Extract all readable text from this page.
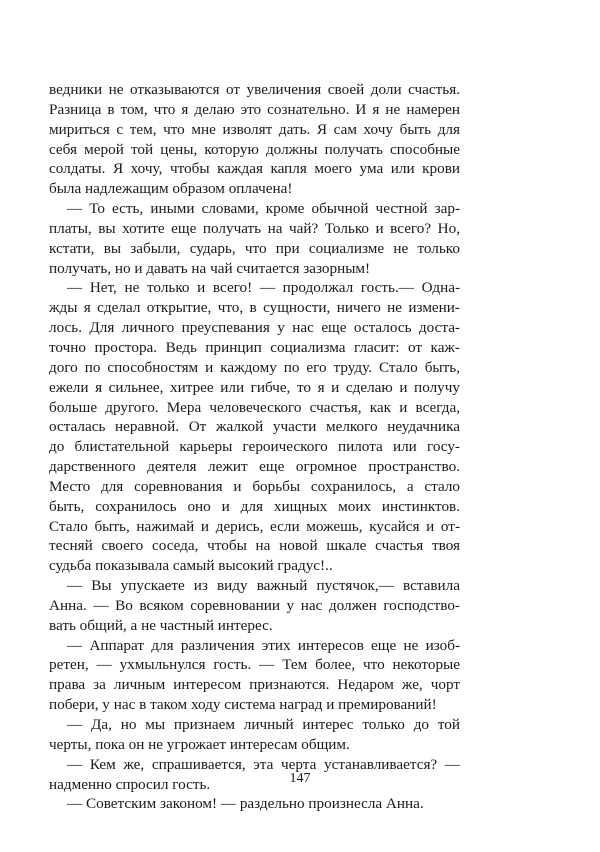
ведники не отказываются от увеличения своей доли счастья.
Разница в том, что я делаю это сознательно. И я не намерен
мириться с тем, что мне изволят дать. Я сам хочу быть для
себя мерой той цены, которую должны получать способные
солдаты. Я хочу, чтобы каждая капля моего ума или крови
была надлежащим образом оплачена!
— То есть, иными словами, кроме обычной честной зар-
платы, вы хотите еще получать на чай? Только и всего? Но,
кстати, вы забыли, сударь, что при социализме не только
получать, но и давать на чай считается зазорным!
— Нет, не только и всего! — продолжал гость.— Одна-
жды я сделал открытие, что, в сущности, ничего не измени-
лось. Для личного преуспевания у нас еще осталось доста-
точно простора. Ведь принцип социализма гласит: от каж-
дого по способностям и каждому по его труду. Стало быть,
ежели я сильнее, хитрее или гибче, то я и сделаю и получу
больше другого. Мера человеческого счастья, как и всегда,
осталась неравной. От жалкой участи мелкого неудачника
до блистательной карьеры героического пилота или госу-
дарственного деятеля лежит еще огромное пространство.
Место для соревнования и борьбы сохранилось, а стало
быть, сохранилось оно и для хищных моих инстинктов.
Стало быть, нажимай и дерись, если можешь, кусайся и от-
тесняй своего соседа, чтобы на новой шкале счастья твоя
судьба показывала самый высокий градус!..
— Вы упускаете из виду важный пустячок,— вставила
Анна. — Во всяком соревновании у нас должен господство-
вать общий, а не частный интерес.
— Аппарат для различения этих интересов еще не изоб-
ретен, — ухмыльнулся гость. — Тем более, что некоторые
права за личным интересом признаются. Недаром же, чорт
побери, у нас в таком ходу система наград и премирований!
— Да, но мы признаем личный интерес только до той
черты, пока он не угрожает интересам общим.
— Кем же, спрашивается, эта черта устанавливается? —
надменно спросил гость.
— Советским законом! — раздельно произнесла Анна.
147
